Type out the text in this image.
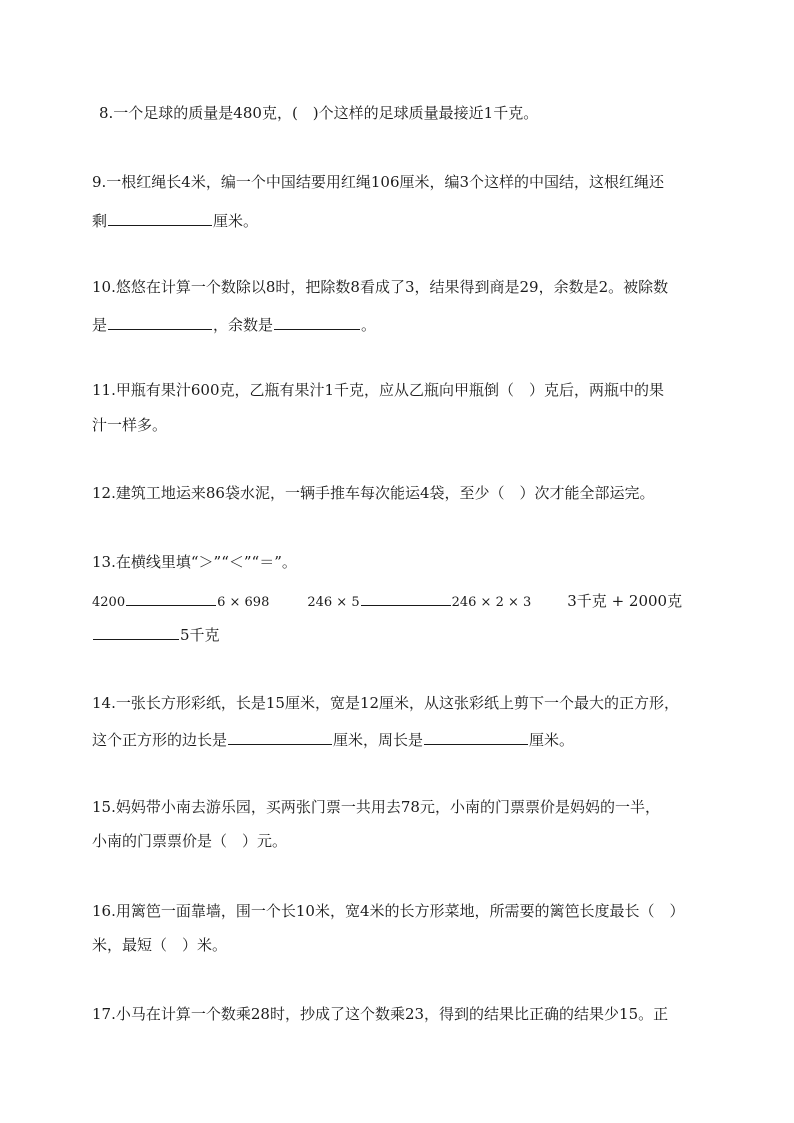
8.一个足球的质量是480克，(　)个这样的足球质量最接近1千克。
9.一根红绳长4米，编一个中国结要用红绳106厘米，编3个这样的中国结，这根红绳还
剩	厘米。
10.悠悠在计算一个数除以8时，把除数8看成了3，结果得到商是29，余数是2。被除数
是	，余数是	。
11.甲瓶有果汁600克，乙瓶有果汁1千克，应从乙瓶向甲瓶倒（　）克后，两瓶中的果
汁一样多。
12.建筑工地运来86袋水泥，一辆手推车每次能运4袋，至少（　）次才能全部运完。
13.在横线里填“＞”“＜”“＝”。
4200	6 × 698	246 × 5	246 × 2 × 3 3千克 + 2000克
5千克
14.一张长方形彩纸，长是15厘米，宽是12厘米，从这张彩纸上剪下一个最大的正方形，
这个正方形的边长是	厘米，周长是	厘米。
15.妈妈带小南去游乐园，买两张门票一共用去78元，小南的门票票价是妈妈的一半，
小南的门票票价是（　）元。
16.用篱笆一面靠墙，围一个长10米，宽4米的长方形菜地，所需要的篱笆长度最长（　）
米，最短（　）米。
17.小马在计算一个数乘28时，抄成了这个数乘23，得到的结果比正确的结果少15。正
